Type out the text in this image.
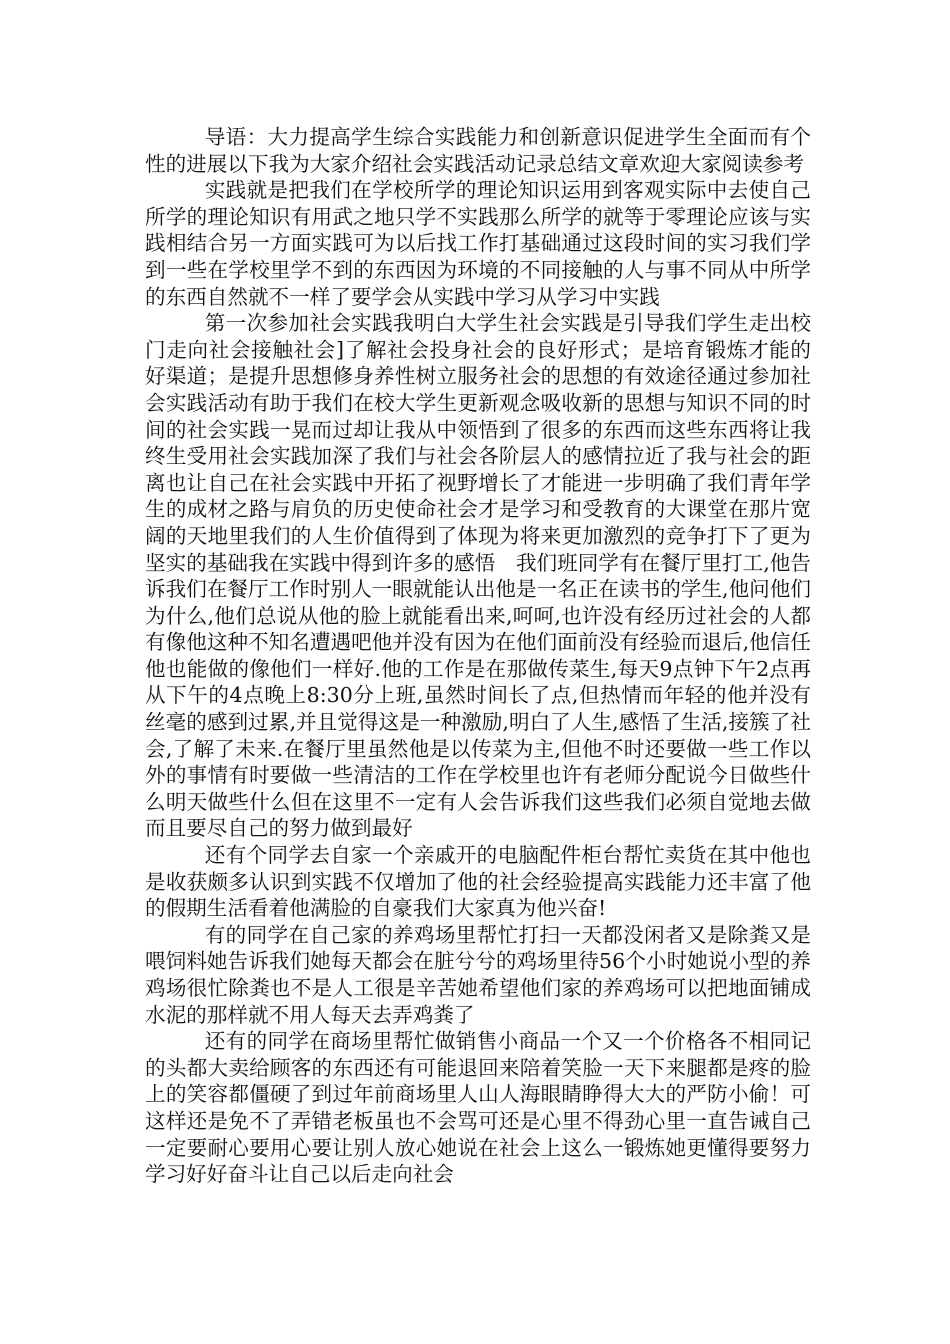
导语：大力提高学生综合实践能力和创新意识促进学生全面而有个性的进展以下我为大家介绍社会实践活动记录总结文章欢迎大家阅读参考

实践就是把我们在学校所学的理论知识运用到客观实际中去使自己所学的理论知识有用武之地只学不实践那么所学的就等于零理论应该与实践相结合另一方面实践可为以后找工作打基础通过这段时间的实习我们学到一些在学校里学不到的东西因为环境的不同接触的人与事不同从中所学的东西自然就不一样了要学会从实践中学习从学习中实践

第一次参加社会实践我明白大学生社会实践是引导我们学生走出校门走向社会接触社会]了解社会投身社会的良好形式；是培育锻炼才能的好渠道；是提升思想修身养性树立服务社会的思想的有效途径通过参加社会实践活动有助于我们在校大学生更新观念吸收新的思想与知识不同的时间的社会实践一晃而过却让我从中领悟到了很多的东西而这些东西将让我终生受用社会实践加深了我们与社会各阶层人的感情拉近了我与社会的距离也让自己在社会实践中开拓了视野增长了才能进一步明确了我们青年学生的成材之路与肩负的历史使命社会才是学习和受教育的大课堂在那片宽阔的天地里我们的人生价值得到了体现为将来更加激烈的竞争打下了更为坚实的基础我在实践中得到许多的感悟　我们班同学有在餐厅里打工,他告诉我们在餐厅工作时别人一眼就能认出他是一名正在读书的学生,他问他们为什么,他们总说从他的脸上就能看出来,呵呵,也许没有经历过社会的人都有像他这种不知名遭遇吧他并没有因为在他们面前没有经验而退后,他信任他也能做的像他们一样好.他的工作是在那做传菜生,每天9点钟下午2点再从下午的4点晚上8:30分上班,虽然时间长了点,但热情而年轻的他并没有丝毫的感到过累,并且觉得这是一种激励,明白了人生,感悟了生活,接簇了社会,了解了未来.在餐厅里虽然他是以传菜为主,但他不时还要做一些工作以外的事情有时要做一些清洁的工作在学校里也许有老师分配说今日做些什么明天做些什么但在这里不一定有人会告诉我们这些我们必须自觉地去做而且要尽自己的努力做到最好

还有个同学去自家一个亲戚开的电脑配件柜台帮忙卖货在其中他也是收获颇多认识到实践不仅增加了他的社会经验提高实践能力还丰富了他的假期生活看着他满脸的自豪我们大家真为他兴奋!

有的同学在自己家的养鸡场里帮忙打扫一天都没闲者又是除粪又是喂饲料她告诉我们她每天都会在脏兮兮的鸡场里待56个小时她说小型的养鸡场很忙除粪也不是人工很是辛苦她希望他们家的养鸡场可以把地面铺成水泥的那样就不用人每天去弄鸡粪了

还有的同学在商场里帮忙做销售小商品一个又一个价格各不相同记的头都大卖给顾客的东西还有可能退回来陪着笑脸一天下来腿都是疼的脸上的笑容都僵硬了到过年前商场里人山人海眼睛睁得大大的严防小偷！可这样还是免不了弄错老板虽也不会骂可还是心里不得劲心里一直告诫自己一定要耐心要用心要让别人放心她说在社会上这么一锻炼她更懂得要努力学习好好奋斗让自己以后走向社会
